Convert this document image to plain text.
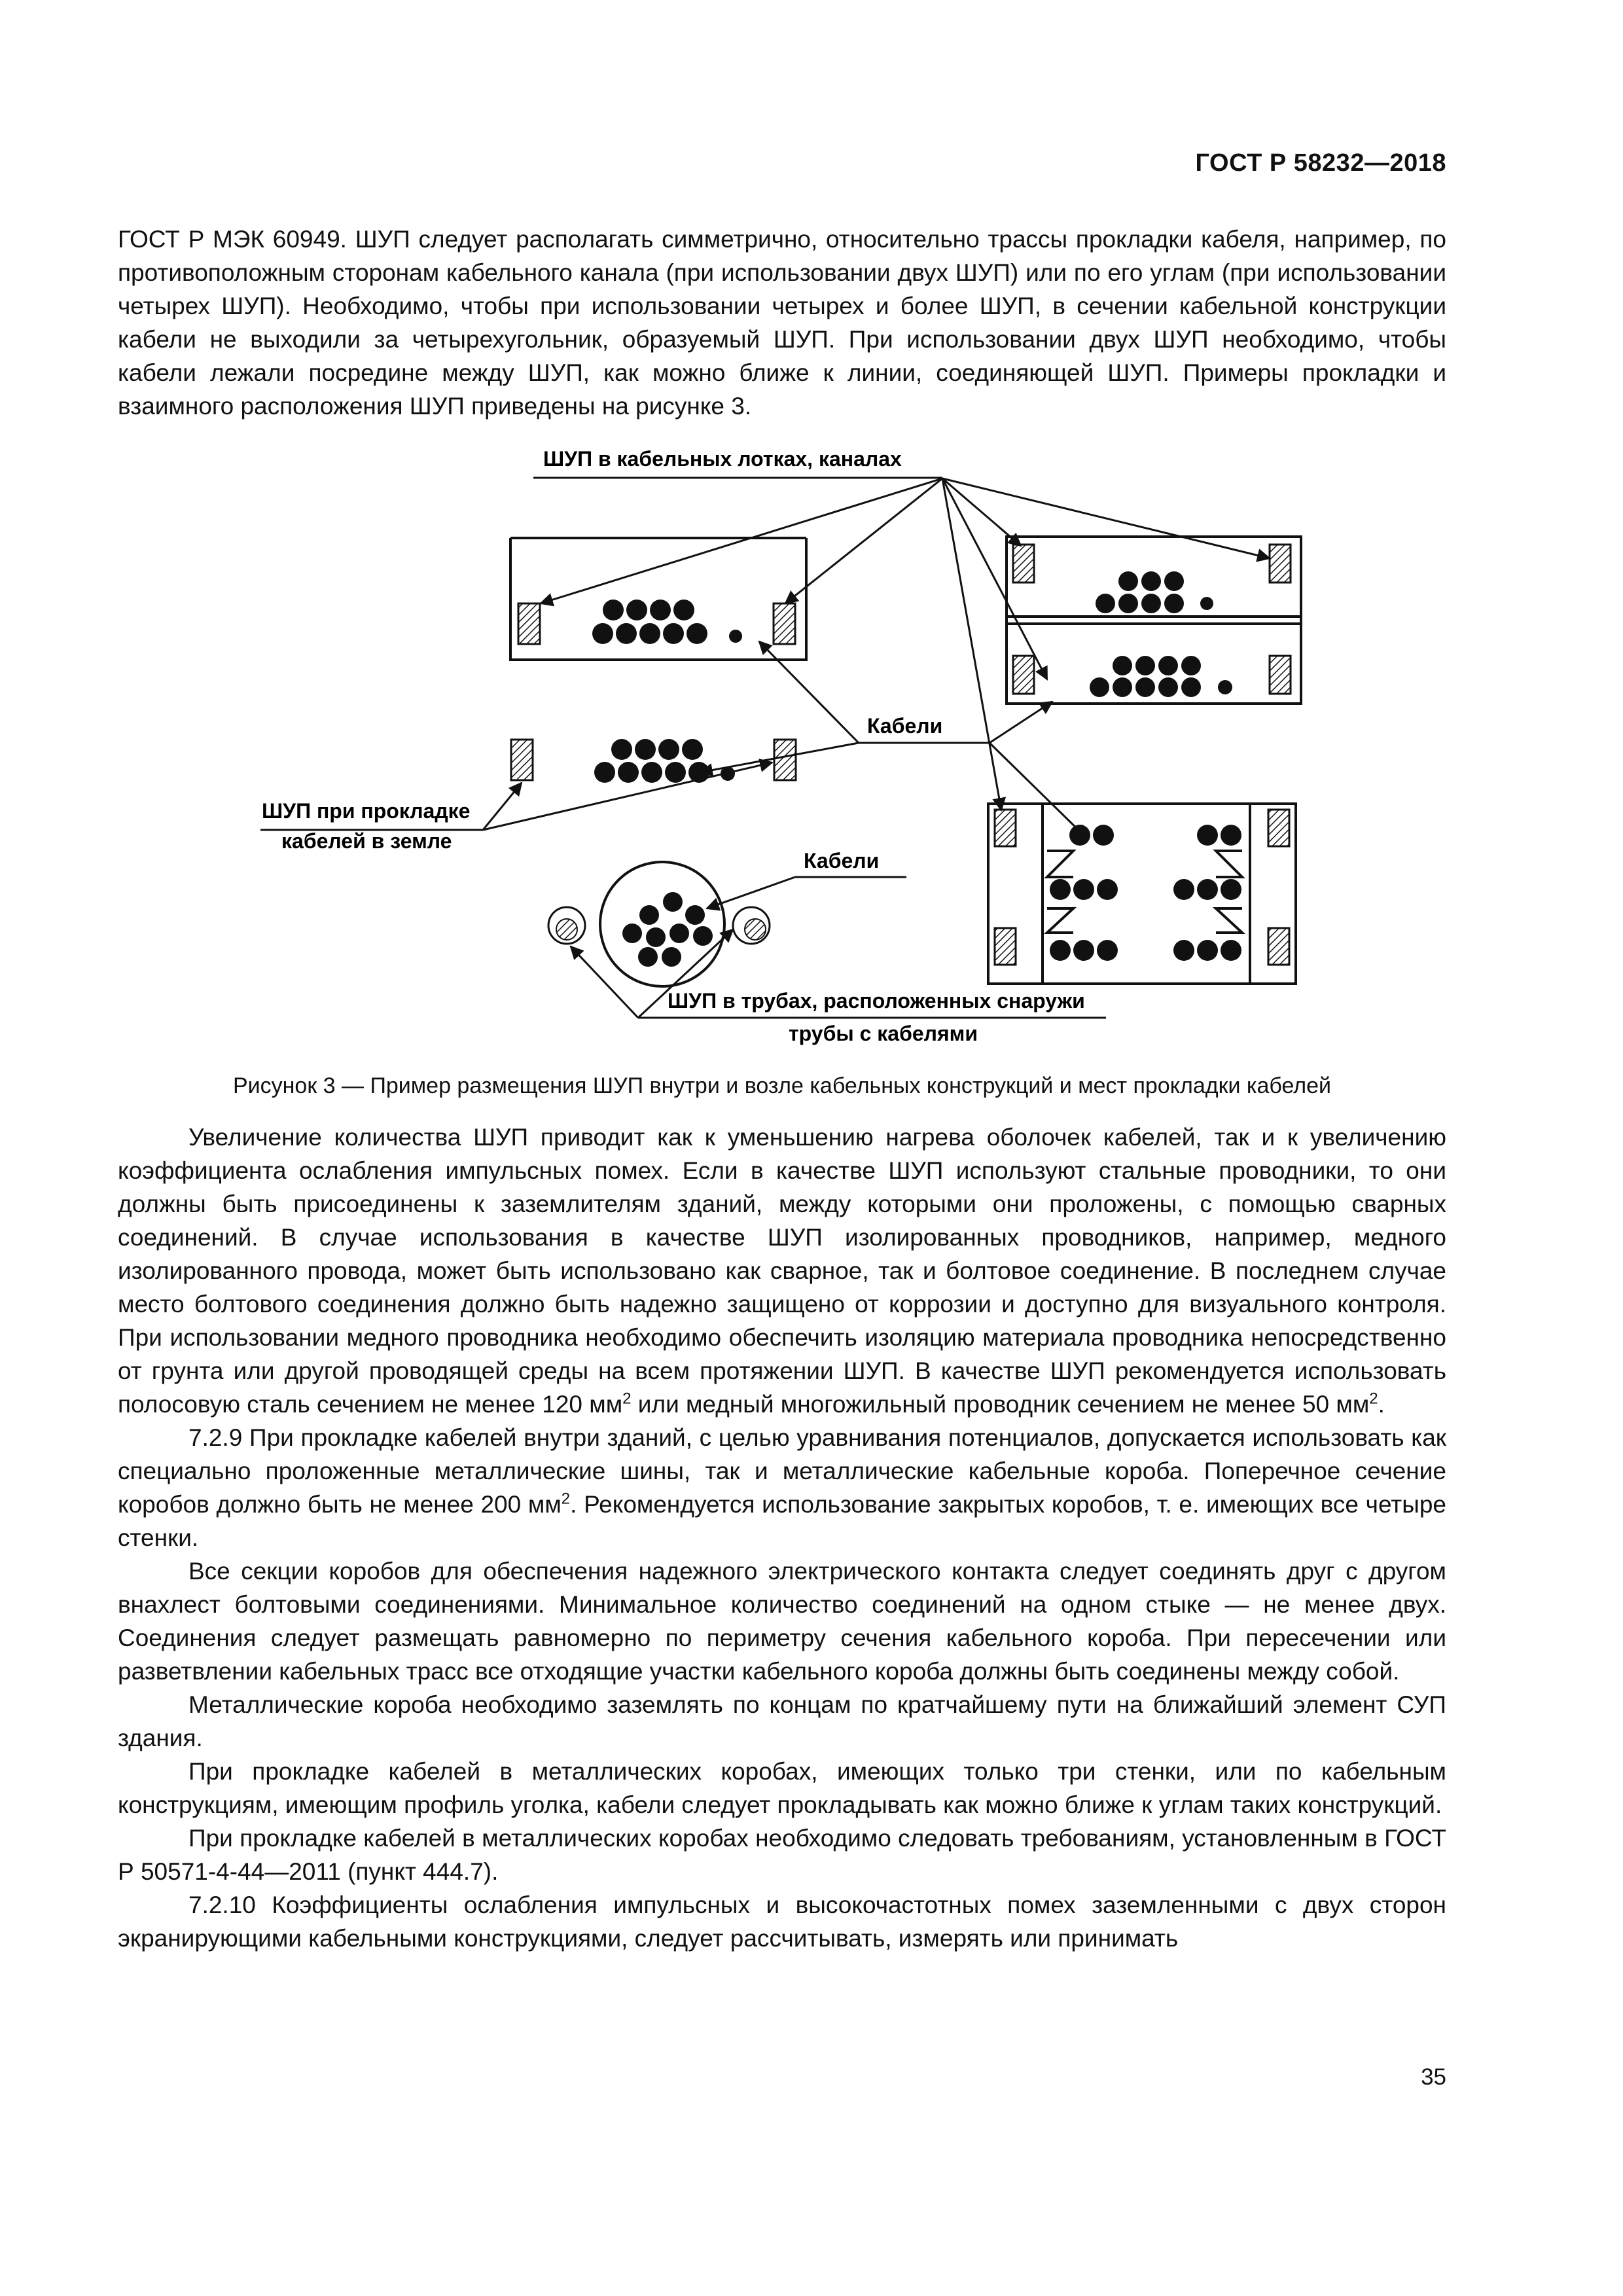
ГОСТ Р 58232—2018

ГОСТ Р МЭК 60949. ШУП следует располагать симметрично, относительно трассы прокладки кабеля, например, по противоположным сторонам кабельного канала (при использовании двух ШУП) или по его углам (при использовании четырех ШУП). Необходимо, чтобы при использовании четырех и более ШУП, в сечении кабельной конструкции кабели не выходили за четырехугольник, образуемый ШУП. При использовании двух ШУП необходимо, чтобы кабели лежали посредине между ШУП, как можно ближе к линии, соединяющей ШУП. Примеры прокладки и взаимного расположения ШУП приведены на рисунке 3.

ШУП в кабельных лотках, каналах
Кабели
ШУП при прокладке
кабелей в земле
Кабели
ШУП в трубах, расположенных снаружи
трубы с кабелями
Рисунок 3 — Пример размещения ШУП внутри и возле кабельных конструкций и мест прокладки кабелей

Увеличение количества ШУП приводит как к уменьшению нагрева оболочек кабелей, так и к увеличению коэффициента ослабления импульсных помех. Если в качестве ШУП используют стальные проводники, то они должны быть присоединены к заземлителям зданий, между которыми они проложены, с помощью сварных соединений. В случае использования в качестве ШУП изолированных проводников, например, медного изолированного провода, может быть использовано как сварное, так и болтовое соединение. В последнем случае место болтового соединения должно быть надежно защищено от коррозии и доступно для визуального контроля. При использовании медного проводника необходимо обеспечить изоляцию материала проводника непосредственно от грунта или другой проводящей среды на всем протяжении ШУП. В качестве ШУП рекомендуется использовать полосовую сталь сечением не менее 120 $мм^2$ или медный многожильный проводник сечением не менее 50 $мм^2$.

7.2.9 При прокладке кабелей внутри зданий, с целью уравнивания потенциалов, допускается использовать как специально проложенные металлические шины, так и металлические кабельные короба. Поперечное сечение коробов должно быть не менее 200 $мм^2$. Рекомендуется использование закрытых коробов, т. е. имеющих все четыре стенки.

Все секции коробов для обеспечения надежного электрического контакта следует соединять друг с другом внахлест болтовыми соединениями. Минимальное количество соединений на одном стыке — не менее двух. Соединения следует размещать равномерно по периметру сечения кабельного короба. При пересечении или разветвлении кабельных трасс все отходящие участки кабельного короба должны быть соединены между собой.

Металлические короба необходимо заземлять по концам по кратчайшему пути на ближайший элемент СУП здания.

При прокладке кабелей в металлических коробах, имеющих только три стенки, или по кабельным конструкциям, имеющим профиль уголка, кабели следует прокладывать как можно ближе к углам таких конструкций.

При прокладке кабелей в металлических коробах необходимо следовать требованиям, установленным в ГОСТ Р 50571-4-44—2011 (пункт 444.7).

7.2.10 Коэффициенты ослабления импульсных и высокочастотных помех заземленными с двух сторон экранирующими кабельными конструкциями, следует рассчитывать, измерять или принимать

35
